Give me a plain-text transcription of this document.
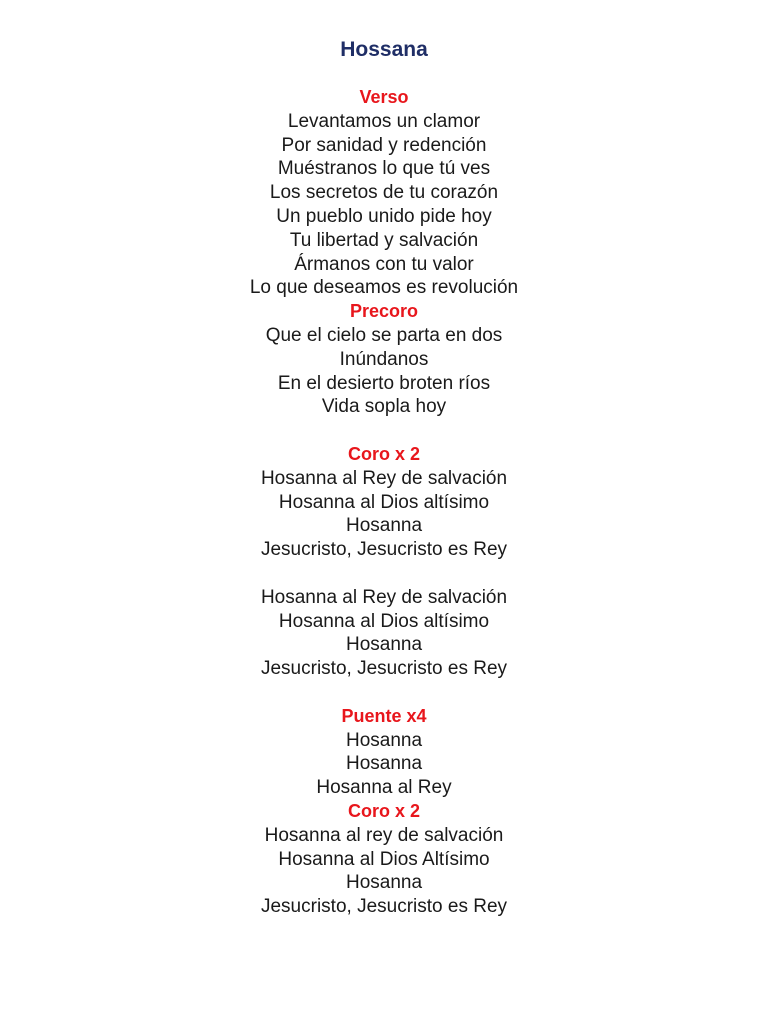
Hossana
Verso
Levantamos un clamor
Por sanidad y redención
Muéstranos lo que tú ves
Los secretos de tu corazón
Un pueblo unido pide hoy
Tu libertad y salvación
Ármanos con tu valor
Lo que deseamos es revolución
Precoro
Que el cielo se parta en dos
Inúndanos
En el desierto broten ríos
Vida sopla hoy
Coro x 2
Hosanna al Rey de salvación
Hosanna al Dios altísimo
Hosanna
Jesucristo, Jesucristo es Rey
Hosanna al Rey de salvación
Hosanna al Dios altísimo
Hosanna
Jesucristo, Jesucristo es Rey
Puente x4
Hosanna
Hosanna
Hosanna al Rey
Coro x 2
Hosanna al rey de salvación
Hosanna al Dios Altísimo
Hosanna
Jesucristo, Jesucristo es Rey
